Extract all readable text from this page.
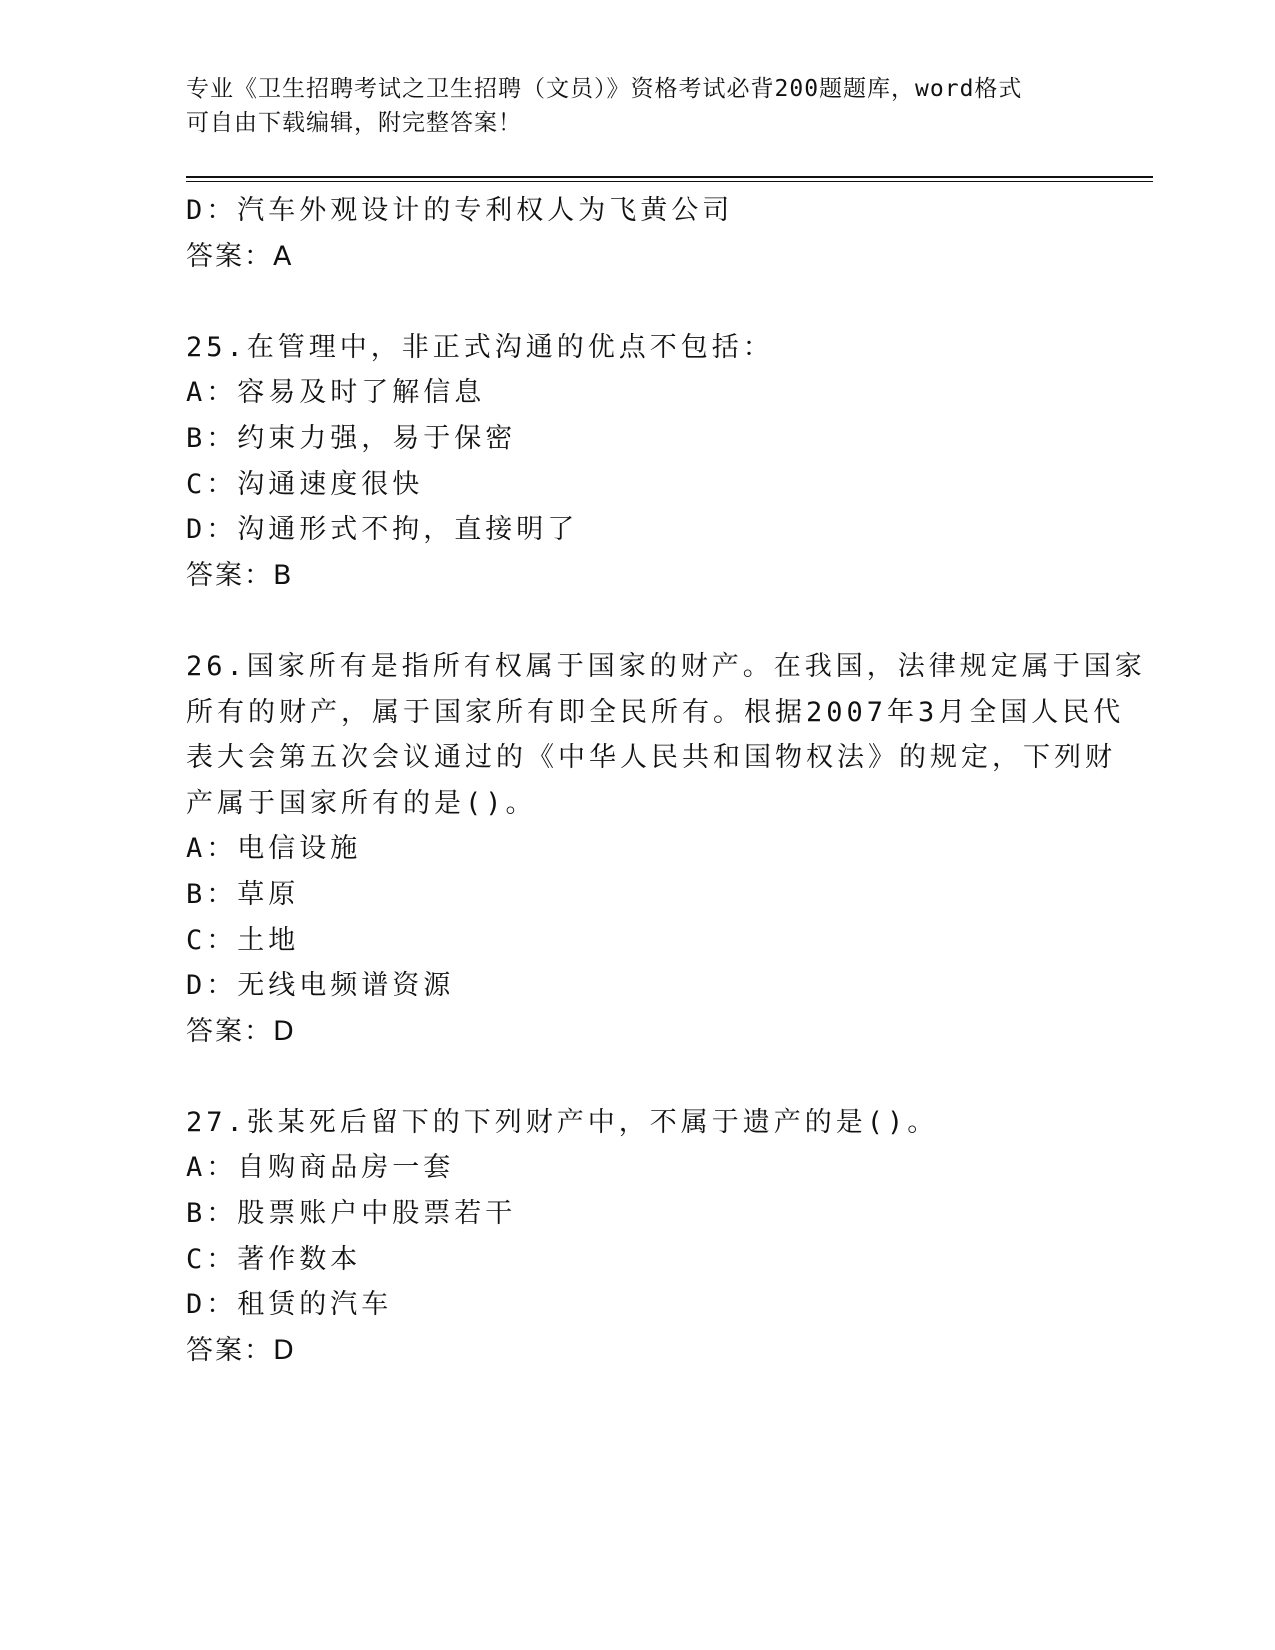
专业《卫生招聘考试之卫生招聘（文员）》资格考试必背200题题库，word格式
可自由下载编辑，附完整答案！
D：汽车外观设计的专利权人为飞黄公司
答案：A
25.在管理中，非正式沟通的优点不包括：
A：容易及时了解信息
B：约束力强，易于保密
C：沟通速度很快
D：沟通形式不拘，直接明了
答案：B
26.国家所有是指所有权属于国家的财产。在我国，法律规定属于国家
所有的财产，属于国家所有即全民所有。根据2007年3月全国人民代
表大会第五次会议通过的《中华人民共和国物权法》的规定，下列财
产属于国家所有的是()。
A：电信设施
B：草原
C：土地
D：无线电频谱资源
答案：D
27.张某死后留下的下列财产中，不属于遗产的是()。
A：自购商品房一套
B：股票账户中股票若干
C：著作数本
D：租赁的汽车
答案：D
